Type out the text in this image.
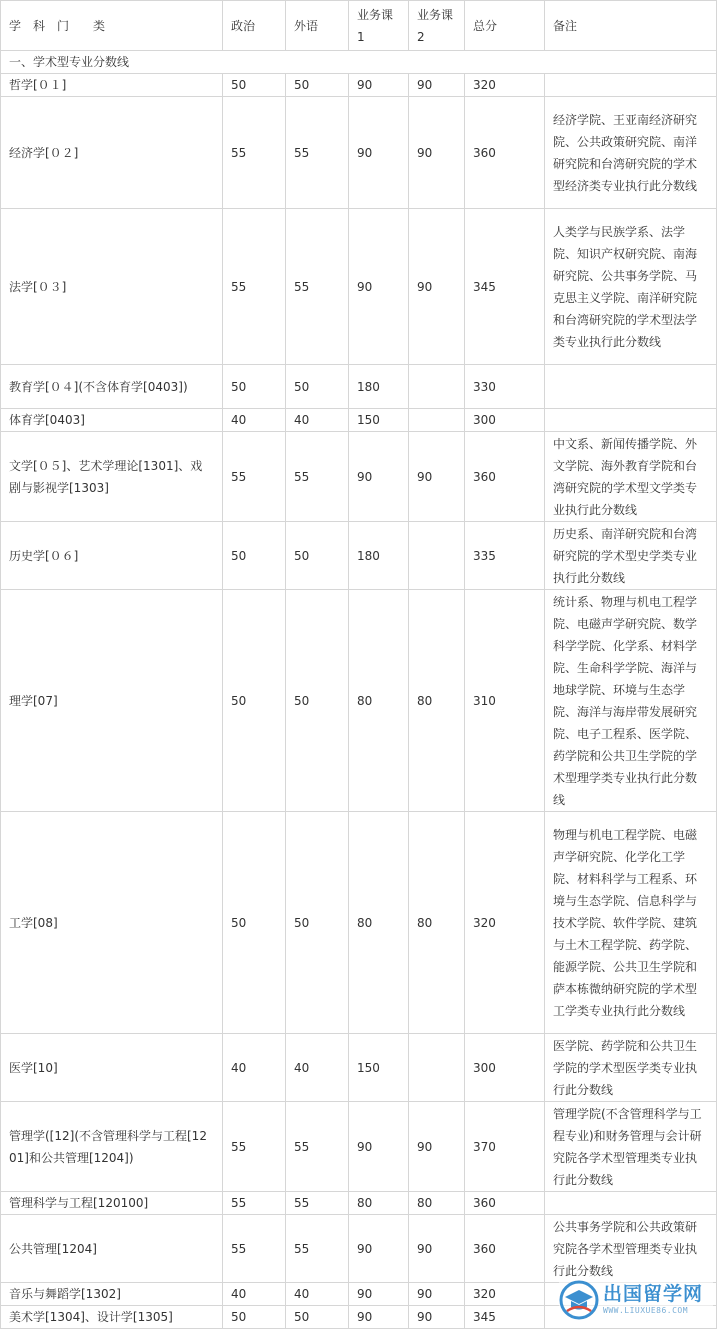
学　科　门　　类	政治	外语	业务课1	业务课2	总分	备注
一、学术型专业分数线						
哲学[０１]	50	50	90	90	320	
经济学[０２]	55	55	90	90	360	经济学院、王亚南经济研究院、公共政策研究院、南洋研究院和台湾研究院的学术型经济类专业执行此分数线
法学[０３]	55	55	90	90	345	人类学与民族学系、法学院、知识产权研究院、南海研究院、公共事务学院、马克思主义学院、南洋研究院和台湾研究院的学术型法学类专业执行此分数线
教育学[０４](不含体育学[0403])	50	50	180		330	
体育学[0403]	40	40	150		300	
文学[０５]、艺术学理论[1301]、戏剧与影视学[1303]	55	55	90	90	360	中文系、新闻传播学院、外文学院、海外教育学院和台湾研究院的学术型文学类专业执行此分数线
历史学[０６]	50	50	180		335	历史系、南洋研究院和台湾研究院的学术型史学类专业执行此分数线
理学[07]	50	50	80	80	310	统计系、物理与机电工程学院、电磁声学研究院、数学科学学院、化学系、材料学院、生命科学学院、海洋与地球学院、环境与生态学院、海洋与海岸带发展研究院、电子工程系、医学院、药学院和公共卫生学院的学术型理学类专业执行此分数线
工学[08]	50	50	80	80	320	物理与机电工程学院、电磁声学研究院、化学化工学院、材料科学与工程系、环境与生态学院、信息科学与技术学院、软件学院、建筑与土木工程学院、药学院、能源学院、公共卫生学院和萨本栋微纳研究院的学术型工学类专业执行此分数线
医学[10]	40	40	150		300	医学院、药学院和公共卫生学院的学术型医学类专业执行此分数线
管理学([12](不含管理科学与工程[1201]和公共管理[1204])	55	55	90	90	370	管理学院(不含管理科学与工程专业)和财务管理与会计研究院各学术型管理类专业执行此分数线
管理科学与工程[120100]	55	55	80	80	360	
公共管理[1204]	55	55	90	90	360	公共事务学院和公共政策研究院各学术型管理类专业执行此分数线
音乐与舞蹈学[1302]	40	40	90	90	320	
美术学[1304]、设计学[1305]	50	50	90	90	345	
出国留学网
WWW.LIUXUE86.COM
